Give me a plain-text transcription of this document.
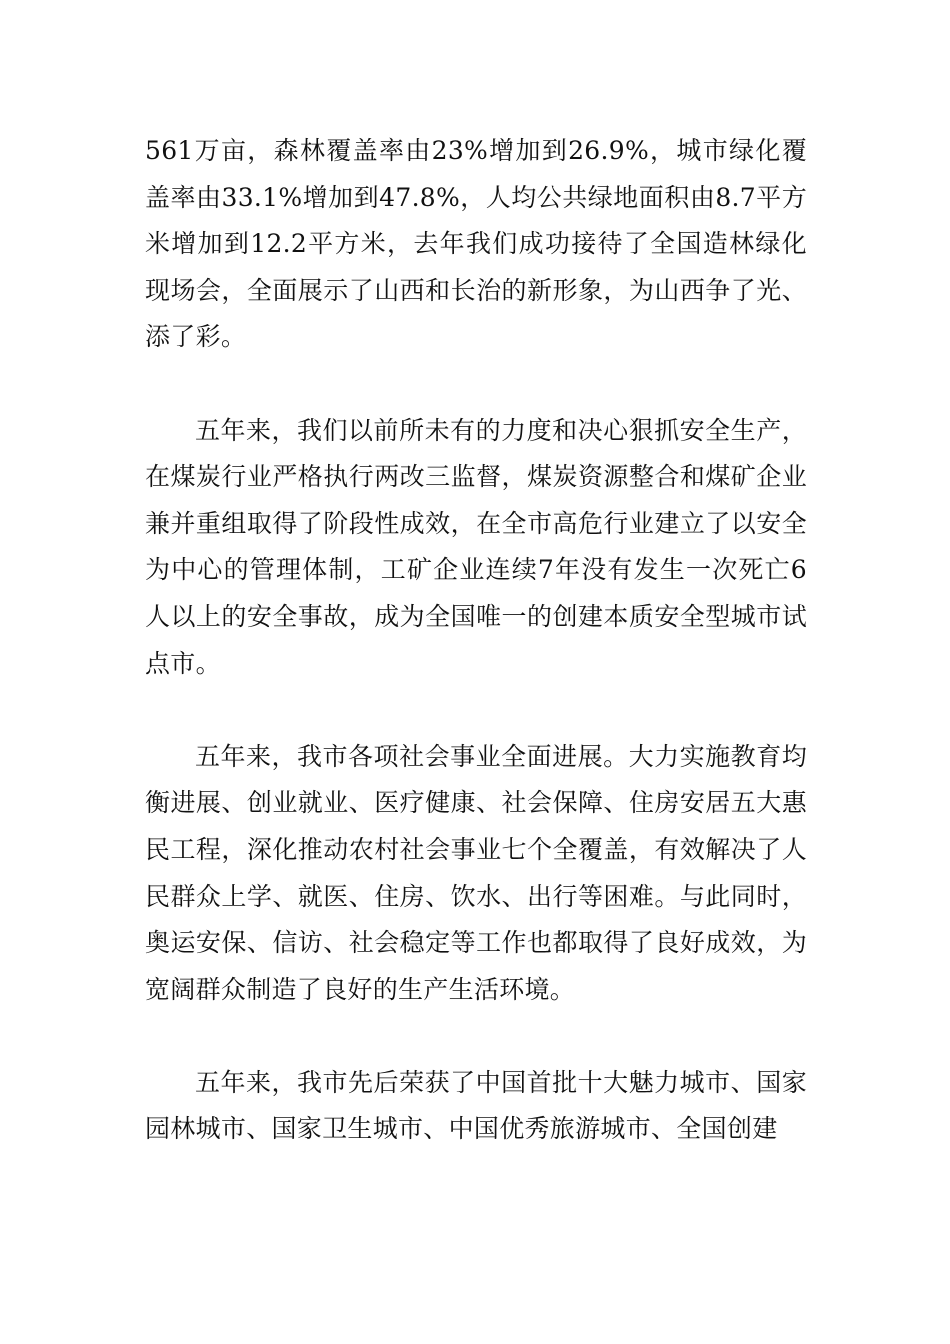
561万亩，森林覆盖率由23%增加到26.9%，城市绿化覆盖率由33.1%增加到47.8%，人均公共绿地面积由8.7平方米增加到12.2平方米，去年我们成功接待了全国造林绿化现场会，全面展示了山西和长治的新形象，为山西争了光、添了彩。

五年来，我们以前所未有的力度和决心狠抓安全生产，在煤炭行业严格执行两改三监督，煤炭资源整合和煤矿企业兼并重组取得了阶段性成效，在全市高危行业建立了以安全为中心的管理体制，工矿企业连续7年没有发生一次死亡6人以上的安全事故，成为全国唯一的创建本质安全型城市试点市。

五年来，我市各项社会事业全面进展。大力实施教育均衡进展、创业就业、医疗健康、社会保障、住房安居五大惠民工程，深化推动农村社会事业七个全覆盖，有效解决了人民群众上学、就医、住房、饮水、出行等困难。与此同时，奥运安保、信访、社会稳定等工作也都取得了良好成效，为宽阔群众制造了良好的生产生活环境。

五年来，我市先后荣获了中国首批十大魅力城市、国家园林城市、国家卫生城市、中国优秀旅游城市、全国创建
